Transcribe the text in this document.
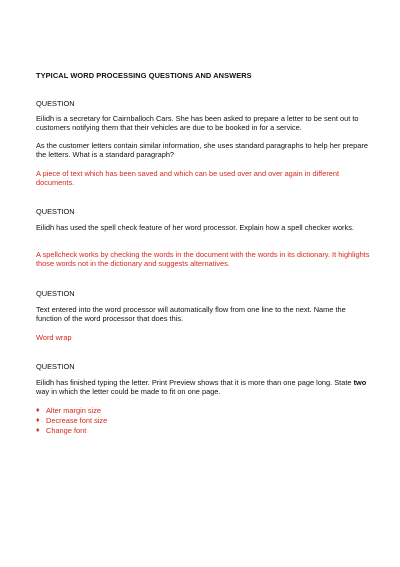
TYPICAL WORD PROCESSING QUESTIONS AND ANSWERS
QUESTION
Eilidh is a secretary for Cairnballoch Cars. She has been asked to prepare a letter to be sent out to customers notifying them that their vehicles are due to be booked in for a service.
As the customer letters contain similar information, she uses standard paragraphs to help her prepare the letters. What is a standard paragraph?
A piece of text which has been saved and which can be used over and over again in different documents.
QUESTION
Eilidh has used the spell check feature of her word processor. Explain how a spell checker works.
A spellcheck works by checking the words in the document with the words in its dictionary. It highlights those words not in the dictionary and suggests alternatives.
QUESTION
Text entered into the word processor will automatically flow from one line to the next. Name the function of the word processor that does this.
Word wrap
QUESTION
Eilidh has finished typing the letter. Print Preview shows that it is more than one page long. State two way in which the letter could be made to fit on one page.
♦ Alter margin size
♦ Decrease font size
♦ Change font
